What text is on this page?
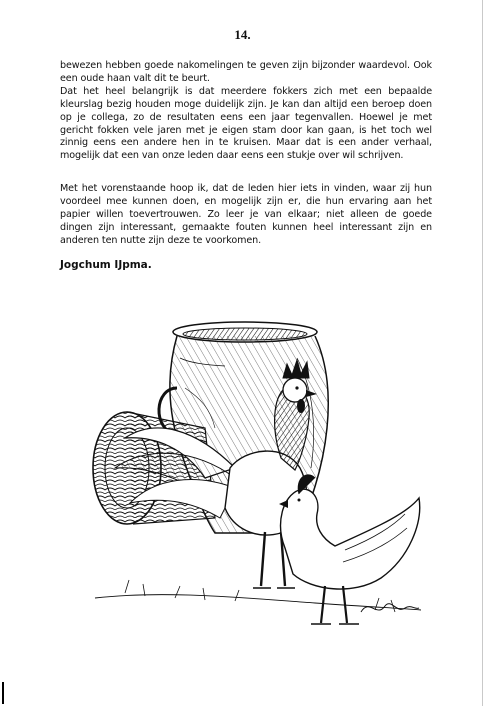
14.

bewezen hebben goede nakomelingen te geven zijn bijzonder waardevol. Ook een oude haan valt dit te beurt.

Dat het heel belangrijk is dat meerdere fokkers zich met een bepaalde kleurslag bezig houden moge duidelijk zijn. Je kan dan altijd een beroep doen op je collega, zo de resultaten eens een jaar tegenvallen. Hoewel je met gericht fokken vele jaren met je eigen stam door kan gaan, is het toch wel zinnig eens een andere hen in te kruisen. Maar dat is een ander verhaal, mogelijk dat een van onze leden daar eens een stukje over wil schrijven.

Met het vorenstaande hoop ik, dat de leden hier iets in vinden, waar zij hun voordeel mee kunnen doen, en mogelijk zijn er, die hun ervaring aan het papier willen toevertrouwen. Zo leer je van elkaar; niet alleen de goede dingen zijn interessant, gemaakte fouten kunnen heel interessant zijn en anderen ten nutte zijn deze te voorkomen.

Jogchum IJpma.
